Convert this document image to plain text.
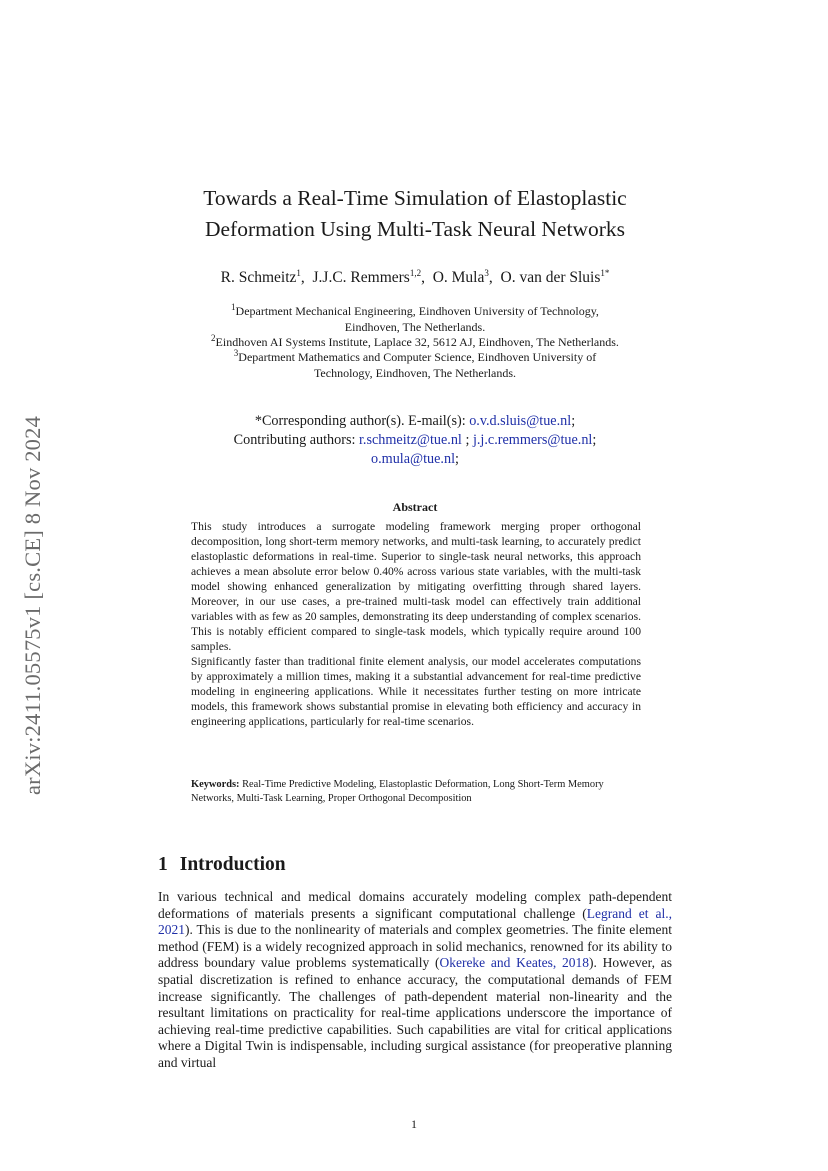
arXiv:2411.05575v1 [cs.CE] 8 Nov 2024
Towards a Real-Time Simulation of Elastoplastic
Deformation Using Multi-Task Neural Networks
R. Schmeitz$^1$,  J.J.C. Remmers$^{1,2}$,  O. Mula$^3$,  O. van der Sluis$^{1*}$
$^1$Department Mechanical Engineering, Eindhoven University of Technology,
Eindhoven, The Netherlands.
$^2$Eindhoven AI Systems Institute, Laplace 32, 5612 AJ, Eindhoven, The Netherlands.
$^3$Department Mathematics and Computer Science, Eindhoven University of
Technology, Eindhoven, The Netherlands.
*Corresponding author(s). E-mail(s): o.v.d.sluis@tue.nl;
Contributing authors: r.schmeitz@tue.nl ; j.j.c.remmers@tue.nl;
o.mula@tue.nl;
Abstract

This study introduces a surrogate modeling framework merging proper orthogonal decomposition, long short-term memory networks, and multi-task learning, to accurately predict elastoplastic deformations in real-time. Superior to single-task neural networks, this approach achieves a mean absolute error below 0.40% across various state variables, with the multi-task model showing enhanced generalization by mitigating overfitting through shared layers. Moreover, in our use cases, a pre-trained multi-task model can effectively train additional variables with as few as 20 samples, demonstrating its deep understanding of complex scenarios. This is notably efficient compared to single-task models, which typically require around 100 samples.

Significantly faster than traditional finite element analysis, our model accelerates computations by approximately a million times, making it a substantial advancement for real-time predictive modeling in engineering applications. While it necessitates further testing on more intricate models, this framework shows substantial promise in elevating both efficiency and accuracy in engineering applications, particularly for real-time scenarios.

Keywords: Real-Time Predictive Modeling, Elastoplastic Deformation, Long Short-Term Memory Networks, Multi-Task Learning, Proper Orthogonal Decomposition
1 Introduction

In various technical and medical domains accurately modeling complex path-dependent deformations of materials presents a significant computational challenge (Legrand et al., 2021). This is due to the nonlinearity of materials and complex geometries. The finite element method (FEM) is a widely recognized approach in solid mechanics, renowned for its ability to address boundary value problems systematically (Okereke and Keates, 2018). However, as spatial discretization is refined to enhance accuracy, the computational demands of FEM increase significantly. The challenges of path-dependent material non-linearity and the resultant limitations on practicality for real-time applications underscore the importance of achieving real-time predictive capabilities. Such capabilities are vital for critical applications where a Digital Twin is indispensable, including surgical assistance (for preoperative planning and virtual

1
